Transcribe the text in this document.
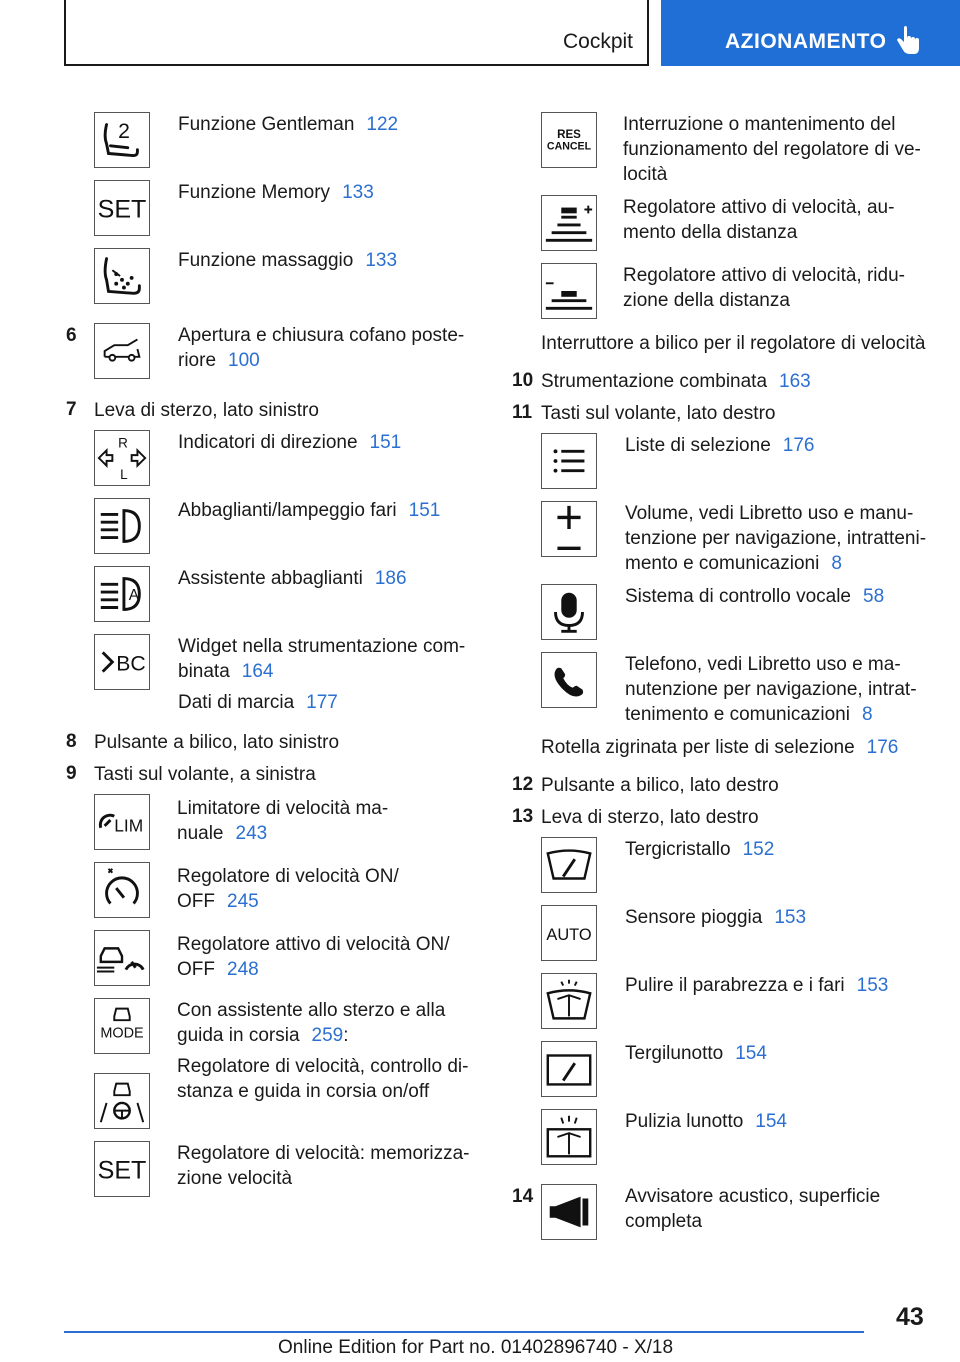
Cockpit	AZIONAMENTO
2	Funzione Gentleman 122
SET
Funzione Memory 133
Funzione massaggio 133
6	Apertura e chiusura cofano poste-
riore 100
7 Leva di sterzo, lato sinistro
R
L
Indicatori di direzione 151
Abbaglianti/lampeggio fari 151
A
Assistente abbaglianti 186
BC
Widget nella strumentazione com-
binata 164
Dati di marcia 177
8 Pulsante a bilico, lato sinistro
9 Tasti sul volante, a sinistra
LIM
Limitatore di velocità ma-
nuale 243
Regolatore di velocità ON/
OFF 245
Regolatore attivo di velocità ON/
OFF 248
MODE
Con assistente allo sterzo e alla
guida in corsia 259:
Regolatore di velocità, controllo di-
stanza e guida in corsia on/off
SET
Regolatore di velocità: memorizza-
zione velocità
RES
CANCEL
Interruzione o mantenimento del
funzionamento del regolatore di ve-
locità
Regolatore attivo di velocità, au-
mento della distanza
Regolatore attivo di velocità, ridu-
zione della distanza
Interruttore a bilico per il regolatore di velocità
10 Strumentazione combinata 163
11 Tasti sul volante, lato destro
Liste di selezione 176
Volume, vedi Libretto uso e manu-
tenzione per navigazione, intratteni-
mento e comunicazioni 8
Sistema di controllo vocale 58
Telefono, vedi Libretto uso e ma-
nutenzione per navigazione, intrat-
tenimento e comunicazioni 8
Rotella zigrinata per liste di selezione 176
12 Pulsante a bilico, lato destro
13 Leva di sterzo, lato destro
Tergicristallo 152
AUTO
Sensore pioggia 153
Pulire il parabrezza e i fari 153
Tergilunotto 154
Pulizia lunotto 154
14	Avvisatore acustico, superficie
completa
43
Online Edition for Part no. 01402896740 - X/18
